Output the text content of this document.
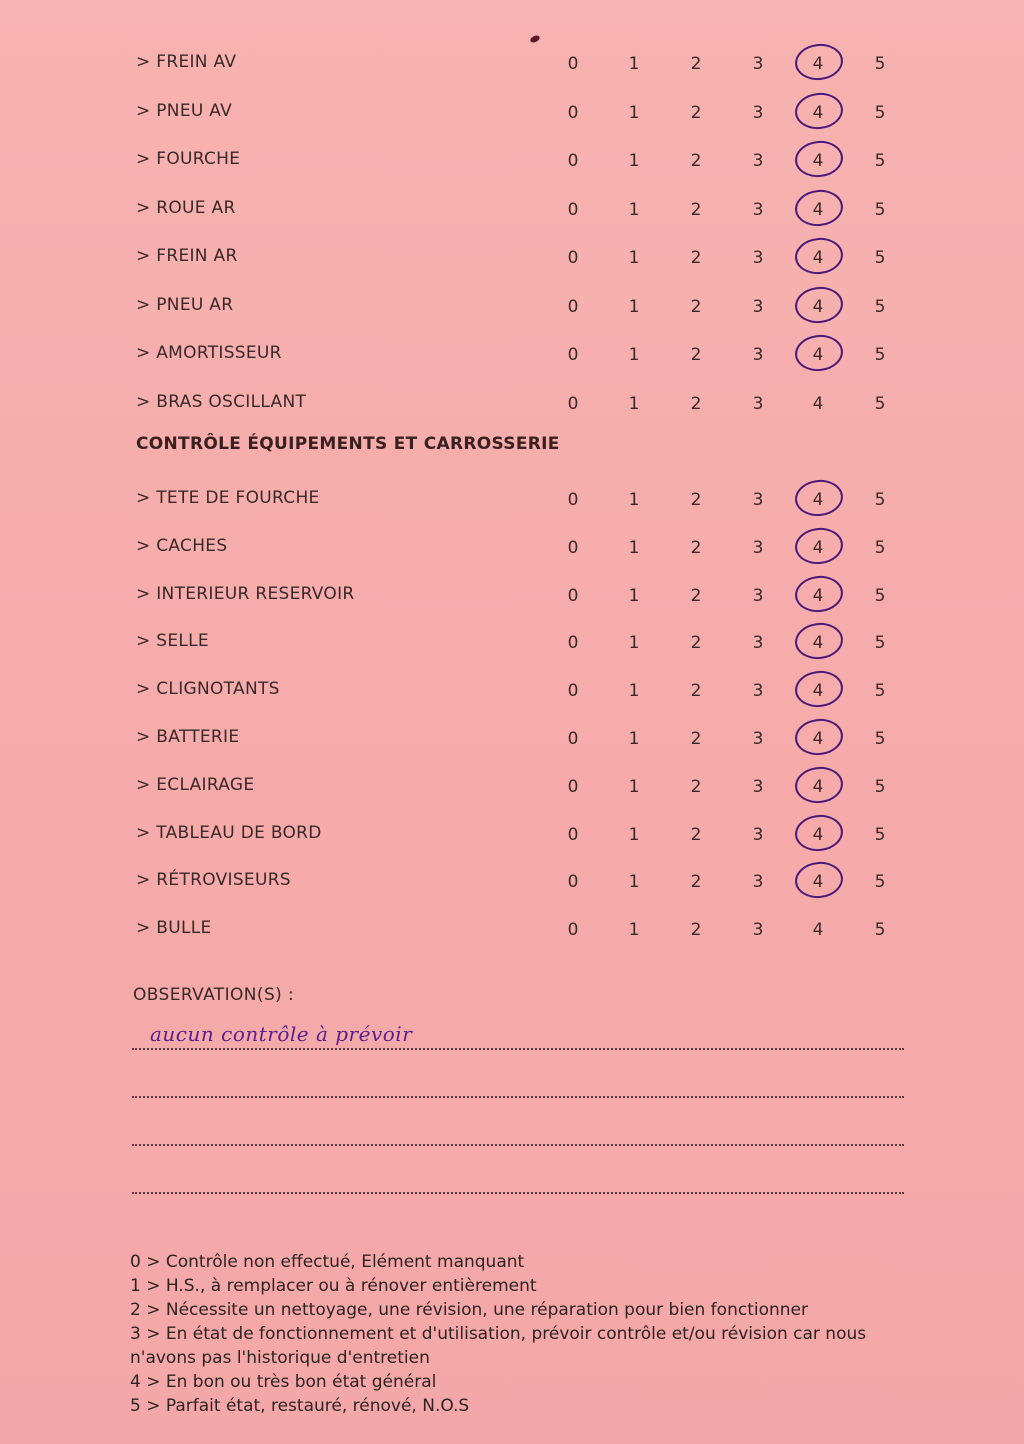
> FREIN AV	0	1	2	3	4	5
> PNEU AV	0	1	2	3	4	5
> FOURCHE	0	1	2	3	4	5
> ROUE AR	0	1	2	3	4	5
> FREIN AR	0	1	2	3	4	5
> PNEU AR	0	1	2	3	4	5
> AMORTISSEUR	0	1	2	3	4	5
> BRAS OSCILLANT	0	1	2	3	4	5
CONTRÔLE ÉQUIPEMENTS ET CARROSSERIE
> TETE DE FOURCHE	0	1	2	3	4	5
> CACHES	0	1	2	3	4	5
> INTERIEUR RESERVOIR	0	1	2	3	4	5
> SELLE	0	1	2	3	4	5
> CLIGNOTANTS	0	1	2	3	4	5
> BATTERIE	0	1	2	3	4	5
> ECLAIRAGE	0	1	2	3	4	5
> TABLEAU DE BORD	0	1	2	3	4	5
> RÉTROVISEURS	0	1	2	3	4	5
> BULLE	0	1	2	3	4	5
OBSERVATION(S) :
aucun contrôle à prévoir
0 > Contrôle non effectué, Elément manquant
1 > H.S., à remplacer ou à rénover entièrement
2 > Nécessite un nettoyage, une révision, une réparation pour bien fonctionner
3 > En état de fonctionnement et d'utilisation, prévoir contrôle et/ou révision car nous n'avons pas l'historique d'entretien
4 > En bon ou très bon état général
5 > Parfait état, restauré, rénové, N.O.S
